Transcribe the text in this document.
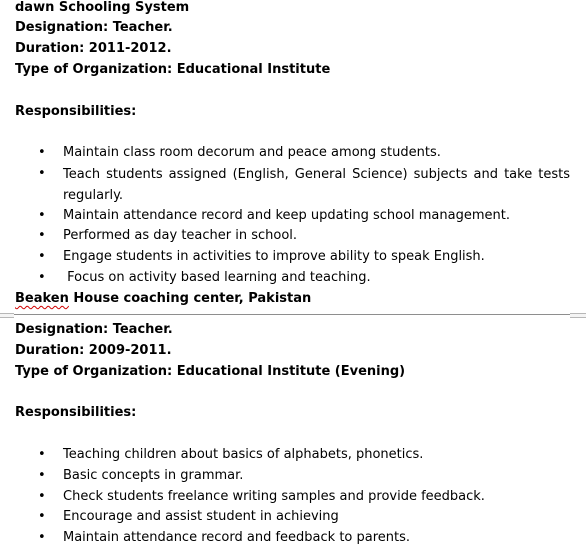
dawn Schooling System
Designation: Teacher.
Duration: 2011-2012.
Type of Organization: Educational Institute
Responsibilities:
• Maintain class room decorum and peace among students.
• Teach students assigned (English, General Science) subjects and take tests regularly.
• Maintain attendance record and keep updating school management.
• Performed as day teacher in school.
• Engage students in activities to improve ability to speak English.
• Focus on activity based learning and teaching.
Beaken House coaching center, Pakistan
Designation: Teacher.
Duration: 2009-2011.
Type of Organization: Educational Institute (Evening)
Responsibilities:
• Teaching children about basics of alphabets, phonetics.
• Basic concepts in grammar.
• Check students freelance writing samples and provide feedback.
• Encourage and assist student in achieving
• Maintain attendance record and feedback to parents.
